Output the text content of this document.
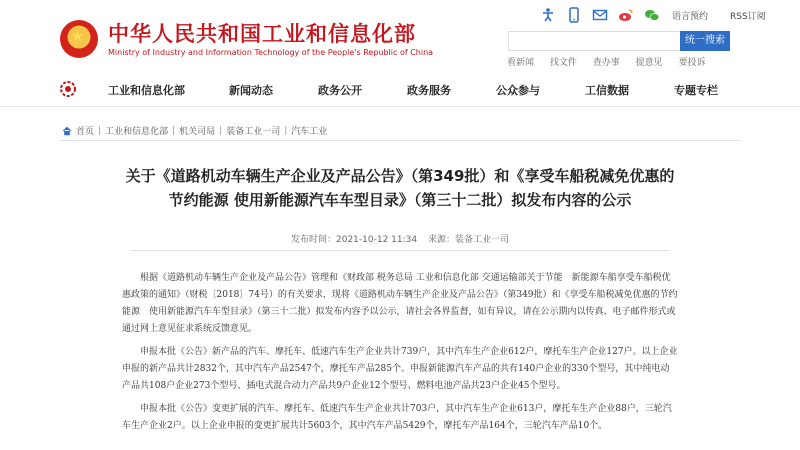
★ 中华人民共和国工业和信息化部
Ministry of Industry and Information Technology of the People's Republic of China
语言预约 RSS订阅
统一搜索
看新闻 找文件 查办事 提意见 要投诉
工业和信息化部	新闻动态	政务公开	政务服务	公众参与	工信数据	专题专栏
首页 | 工业和信息化部 | 机关司局 | 装备工业一司 | 汽车工业
关于《道路机动车辆生产企业及产品公告》（第349批）和《享受车船税减免优惠的
节约能源 使用新能源汽车车型目录》（第三十二批）拟发布内容的公示
发布时间：2021-10-12 11:34 来源：装备工业一司

根据《道路机动车辆生产企业及产品公告》管理和《财政部 税务总局 工业和信息化部 交通运输部关于节能　新能源车船享受车船税优惠政策的通知》（财税〔2018〕74号）的有关要求，现将《道路机动车辆生产企业及产品公告》（第349批）和《享受车船税减免优惠的节约能源　使用新能源汽车车型目录》（第三十二批）拟发布内容予以公示，请社会各界监督，如有异议，请在公示期内以传真、电子邮件形式或通过网上意见征求系统反馈意见。

申报本批《公告》新产品的汽车、摩托车、低速汽车生产企业共计739户，其中汽车生产企业612户，摩托车生产企业127户。以上企业申报的新产品共计2832个，其中汽车产品2547个，摩托车产品285个。申报新能源汽车产品的共有140户企业的330个型号，其中纯电动产品共108户企业273个型号、插电式混合动力产品共9户企业12个型号、燃料电池产品共23户企业45个型号。

申报本批《公告》变更扩展的汽车、摩托车、低速汽车生产企业共计703户，其中汽车生产企业613户，摩托车生产企业88户，三轮汽车生产企业2户。以上企业申报的变更扩展共计5603个，其中汽车产品5429个，摩托车产品164个，三轮汽车产品10个。
